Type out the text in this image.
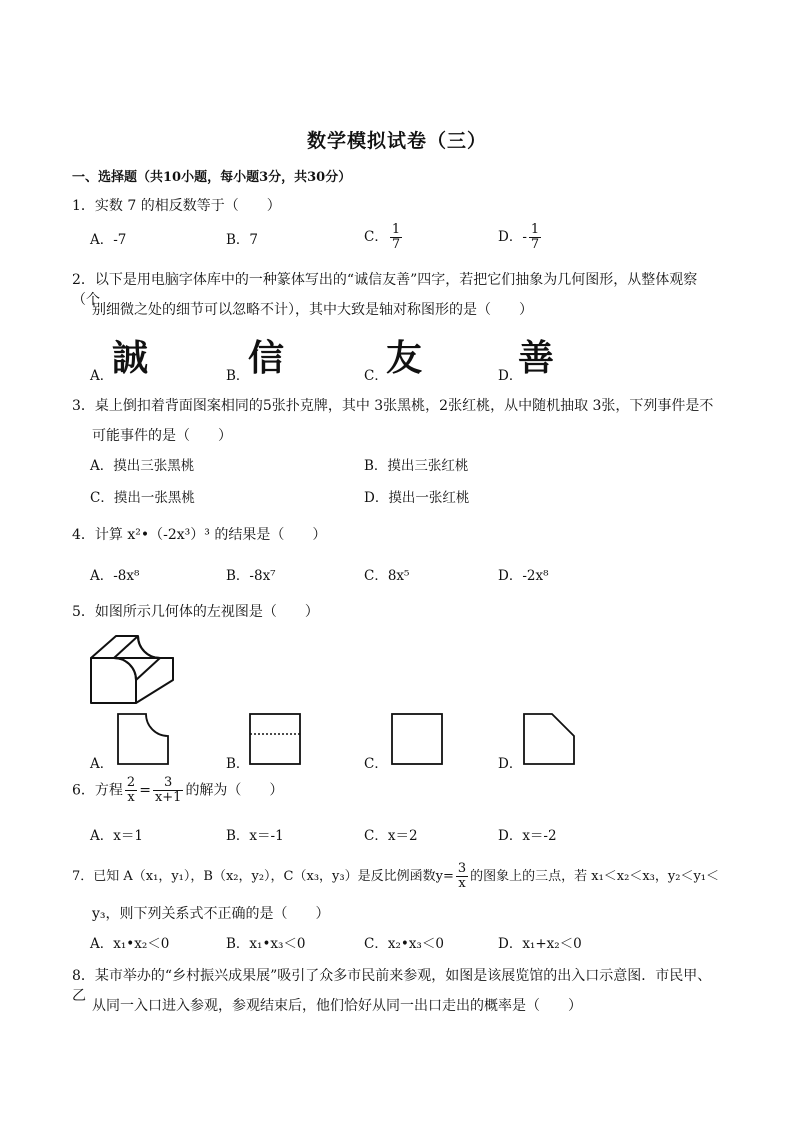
数学模拟试卷（三）
一、选择题（共10小题，每小题3分，共30分）
1．实数 7 的相反数等于（　　）
A．-7	B．7	C． $\frac{1}{7}$	D．- $\frac{1}{7}$
2．以下是用电脑字体库中的一种篆体写出的“诚信友善”四字，若把它们抽象为几何图形，从整体观察（个
别细微之处的细节可以忽略不计），其中大致是轴对称图形的是（　　）
A．
誠	B．
信	C．
友	D．
善
3．桌上倒扣着背面图案相同的5张扑克牌，其中 3张黑桃，2张红桃，从中随机抽取 3张，下列事件是不
可能事件的是（　　）
A．摸出三张黑桃	B．摸出三张红桃
C．摸出一张黑桃	D．摸出一张红桃
4．计算 x²•（-2x³）³ 的结果是（　　）
A．-8x⁸	B．-8x⁷	C．8x⁵	D．-2x⁸
5．如图所示几何体的左视图是（　　）
A．	B．	C．	D．
6．方程 $\frac{2}{x} = \frac{3}{x+1}$ 的解为（　　）
A．x＝1	B．x＝-1	C．x＝2	D．x＝-2
7．已知 A（x₁，y₁），B（x₂，y₂），C（x₃，y₃）是反比例函数$y= \frac{3}{x}$ 的图象上的三点，若 x₁＜x₂＜x₃，y₂＜y₁＜
y₃，则下列关系式不正确的是（　　）
A．x₁•x₂＜0	B．x₁•x₃＜0	C．x₂•x₃＜0	D．x₁+x₂＜0
8．某市举办的“乡村振兴成果展”吸引了众多市民前来参观，如图是该展览馆的出入口示意图．市民甲、乙
从同一入口进入参观，参观结束后，他们恰好从同一出口走出的概率是（　　）
